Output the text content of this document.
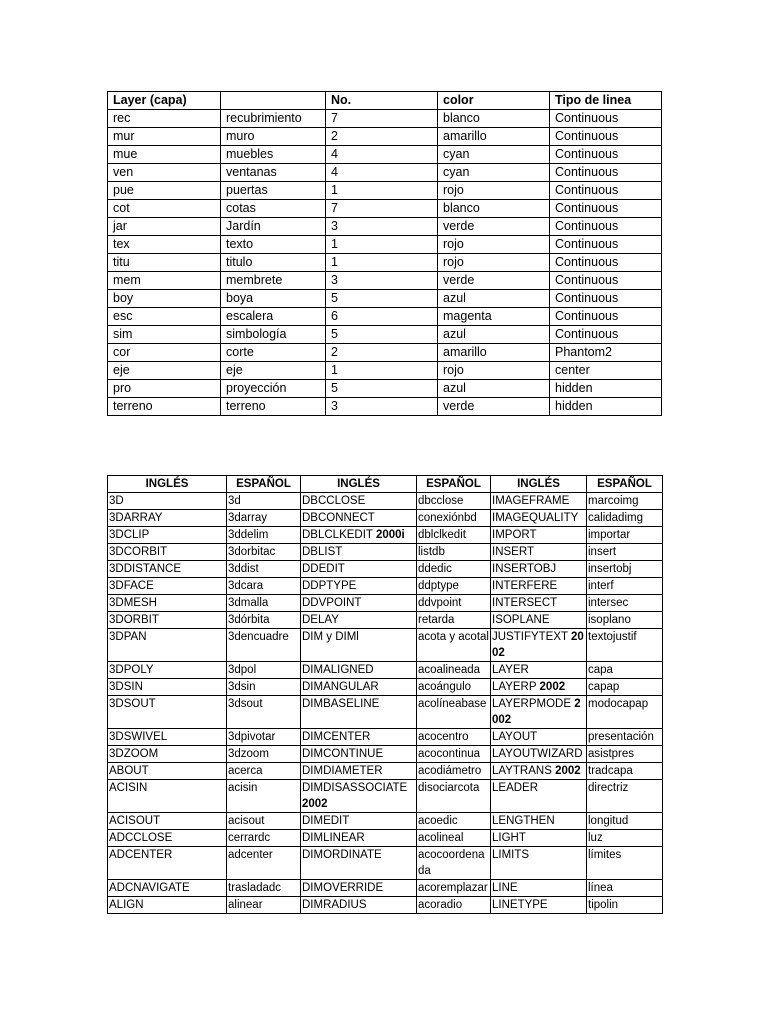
Layer (capa)		No.	color	Tipo de linea
rec	recubrimiento	7	blanco	Continuous
mur	muro	2	amarillo	Continuous
mue	muebles	4	cyan	Continuous
ven	ventanas	4	cyan	Continuous
pue	puertas	1	rojo	Continuous
cot	cotas	7	blanco	Continuous
jar	Jardín	3	verde	Continuous
tex	texto	1	rojo	Continuous
titu	titulo	1	rojo	Continuous
mem	membrete	3	verde	Continuous
boy	boya	5	azul	Continuous
esc	escalera	6	magenta	Continuous
sim	simbología	5	azul	Continuous
cor	corte	2	amarillo	Phantom2
eje	eje	1	rojo	center
pro	proyección	5	azul	hidden
terreno	terreno	3	verde	hidden
INGLÉS	ESPAÑOL	INGLÉS	ESPAÑOL	INGLÉS	ESPAÑOL
3D	3d	DBCCLOSE	dbcclose	IMAGEFRAME	marcoimg
3DARRAY	3darray	DBCONNECT	conexiónbd	IMAGEQUALITY	calidadimg
3DCLIP	3ddelim	DBLCLKEDIT 2000i	dblclkedit	IMPORT	importar
3DCORBIT	3dorbitac	DBLIST	listdb	INSERT	insert
3DDISTANCE	3ddist	DDEDIT	ddedic	INSERTOBJ	insertobj
3DFACE	3dcara	DDPTYPE	ddptype	INTERFERE	interf
3DMESH	3dmalla	DDVPOINT	ddvpoint	INTERSECT	intersec
3DORBIT	3dórbita	DELAY	retarda	ISOPLANE	isoplano
3DPAN	3dencuadre	DIM y DIMl	acota y acotal	JUSTIFYTEXT 2002	textojustif
3DPOLY	3dpol	DIMALIGNED	acoalineada	LAYER	capa
3DSIN	3dsin	DIMANGULAR	acoángulo	LAYERP 2002	capap
3DSOUT	3dsout	DIMBASELINE	acolíneabase	LAYERPMODE 2002	modocapap
3DSWIVEL	3dpivotar	DIMCENTER	acocentro	LAYOUT	presentación
3DZOOM	3dzoom	DIMCONTINUE	acocontinua	LAYOUTWIZARD	asistpres
ABOUT	acerca	DIMDIAMETER	acodiámetro	LAYTRANS 2002	tradcapa
ACISIN	acisin	DIMDISASSOCIATE 2002	disociarcota	LEADER	directriz
ACISOUT	acisout	DIMEDIT	acoedic	LENGTHEN	longitud
ADCCLOSE	cerrardc	DIMLINEAR	acolineal	LIGHT	luz
ADCENTER	adcenter	DIMORDINATE	acocoordenada	LIMITS	límites
ADCNAVIGATE	trasladadc	DIMOVERRIDE	acoremplazar	LINE	línea
ALIGN	alinear	DIMRADIUS	acoradio	LINETYPE	tipolin
